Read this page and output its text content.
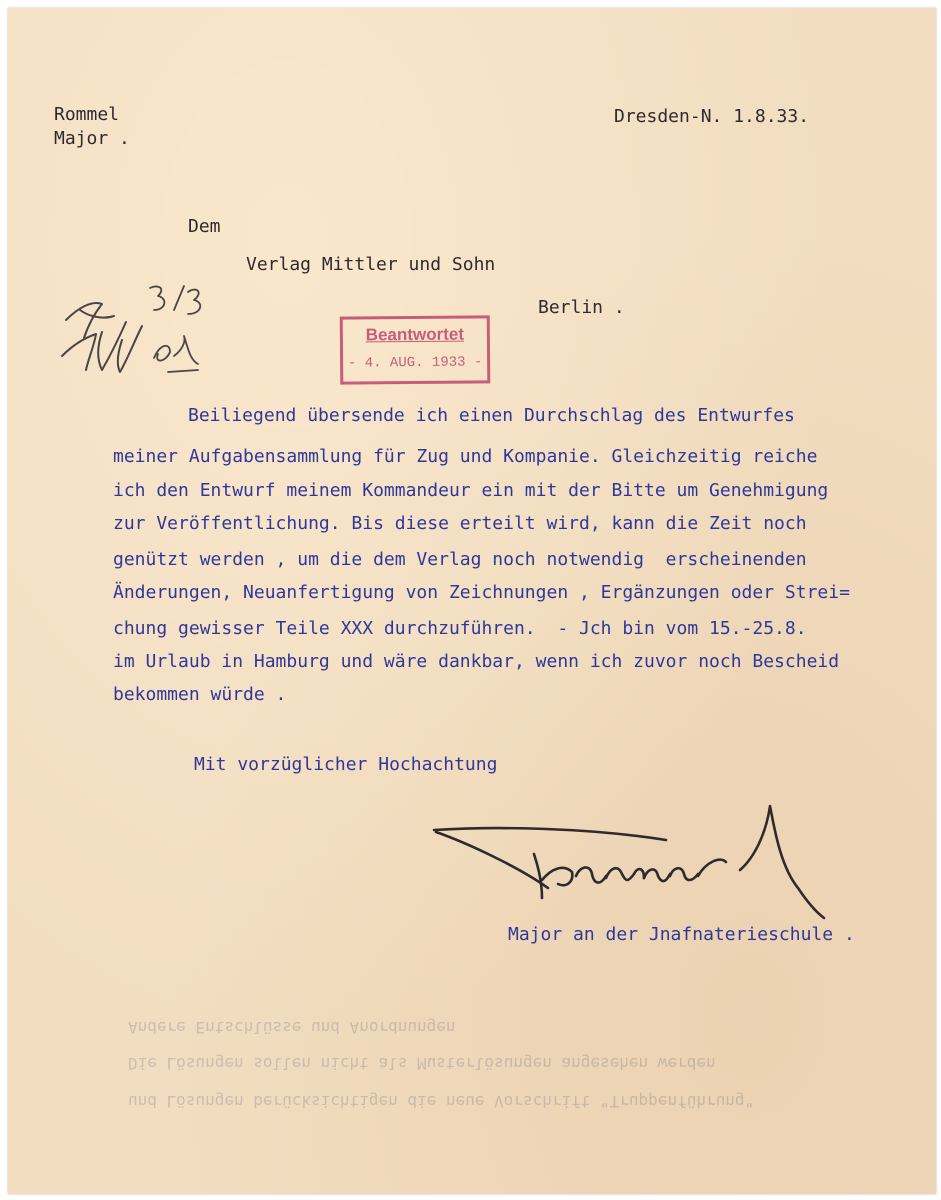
Rommel
Major .
Dresden-N. 1.8.33.
Dem
Verlag Mittler und Sohn
Berlin .
Beantwortet
- 4. AUG. 1933 -
Beiliegend übersende ich einen Durchschlag des Entwurfes
meiner Aufgabensammlung für Zug und Kompanie. Gleichzeitig reiche
ich den Entwurf meinem Kommandeur ein mit der Bitte um Genehmigung
zur Veröffentlichung. Bis diese erteilt wird, kann die Zeit noch
genützt werden , um die dem Verlag noch notwendig  erscheinenden
Änderungen, Neuanfertigung von Zeichnungen , Ergänzungen oder Strei=
chung gewisser Teile XXX durchzuführen.  - Jch bin vom 15.-25.8.
im Urlaub in Hamburg und wäre dankbar, wenn ich zuvor noch Bescheid
bekommen würde .
Mit vorzüglicher Hochachtung
Major an der Jnafnaterieschule .
Andere Entschlüsse und Anordnungen
Die Lösungen sollen nicht als Musterlösungen angesehen werden
und Lösungen berücksichtigen die neue Vorschrift "Truppenführung"
